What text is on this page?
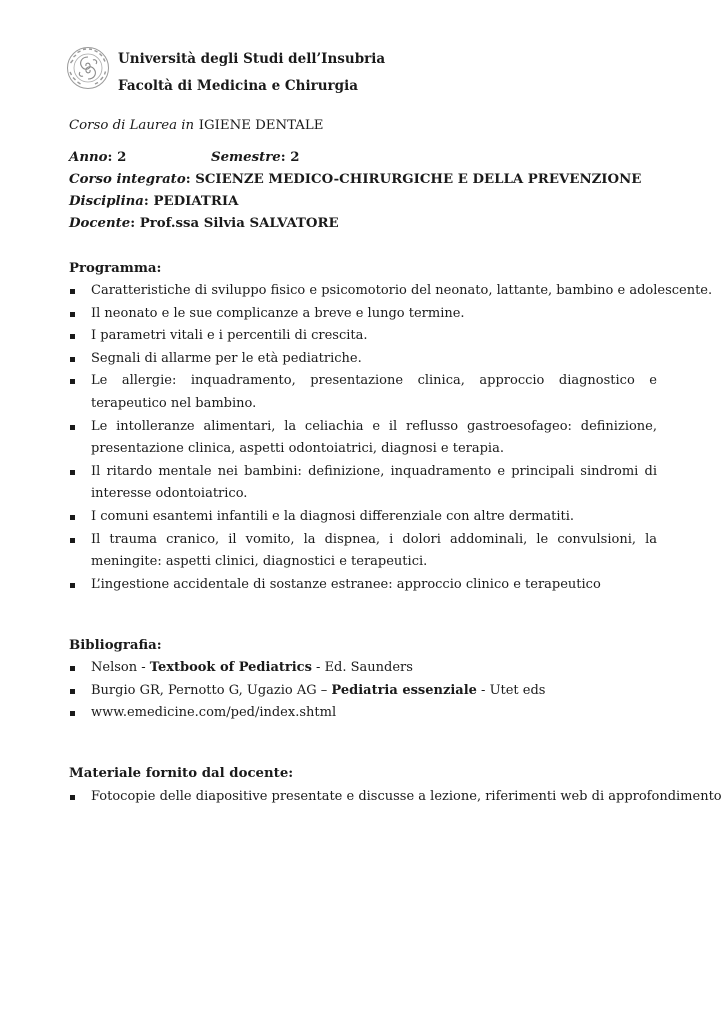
Università degli Studi dell’Insubria
Facoltà di Medicina e Chirurgia
Corso di Laurea in IGIENE DENTALE
Anno: 2	Semestre: 2
Corso integrato: SCIENZE MEDICO-CHIRURGICHE E DELLA PREVENZIONE
Disciplina: PEDIATRIA
Docente: Prof.ssa Silvia SALVATORE
Programma:
Caratteristiche di sviluppo fisico e psicomotorio del neonato, lattante, bambino e adolescente.
Il neonato e le sue complicanze a breve e lungo termine.
I parametri vitali e i percentili di crescita.
Segnali di allarme per le età pediatriche.
Le allergie: inquadramento, presentazione clinica, approccio diagnostico e terapeutico nel bambino.
Le intolleranze alimentari, la celiachia e il reflusso gastroesofageo: definizione, presentazione clinica, aspetti odontoiatrici, diagnosi e terapia.
Il ritardo mentale nei bambini: definizione, inquadramento e principali sindromi di interesse odontoiatrico.
I comuni esantemi infantili e la diagnosi differenziale con altre dermatiti.
Il trauma cranico, il vomito, la dispnea, i dolori addominali, le convulsioni, la meningite: aspetti clinici, diagnostici e terapeutici.
L’ingestione accidentale di sostanze estranee: approccio clinico e terapeutico
Bibliografia:
Nelson - Textbook of Pediatrics - Ed. Saunders
Burgio GR, Pernotto G, Ugazio AG – Pediatria essenziale - Utet eds
www.emedicine.com/ped/index.shtml
Materiale fornito dal docente:
Fotocopie delle diapositive presentate e discusse a lezione, riferimenti web di approfondimento
